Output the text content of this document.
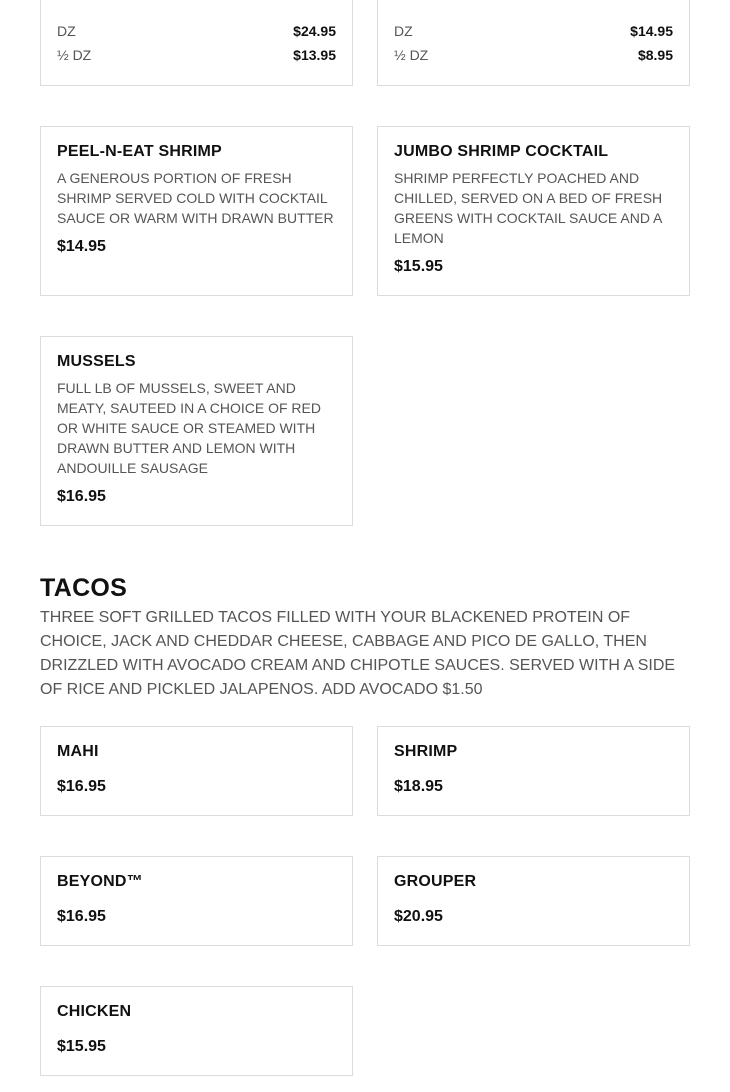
DZ	$24.95
½ DZ	$13.95
DZ	$14.95
½ DZ	$8.95
PEEL-N-EAT SHRIMP
A GENEROUS PORTION OF FRESH SHRIMP SERVED COLD WITH COCKTAIL SAUCE OR WARM WITH DRAWN BUTTER
$14.95
JUMBO SHRIMP COCKTAIL
SHRIMP PERFECTLY POACHED AND CHILLED, SERVED ON A BED OF FRESH GREENS WITH COCKTAIL SAUCE AND A LEMON
$15.95
MUSSELS
FULL LB OF MUSSELS, SWEET AND MEATY, SAUTEED IN A CHOICE OF RED OR WHITE SAUCE OR STEAMED WITH DRAWN BUTTER AND LEMON WITH ANDOUILLE SAUSAGE
$16.95
TACOS
THREE SOFT GRILLED TACOS FILLED WITH YOUR BLACKENED PROTEIN OF CHOICE, JACK AND CHEDDAR CHEESE, CABBAGE AND PICO DE GALLO, THEN DRIZZLED WITH AVOCADO CREAM AND CHIPOTLE SAUCES. SERVED WITH A SIDE OF RICE AND PICKLED JALAPENOS. ADD AVOCADO $1.50
MAHI
$16.95
SHRIMP
$18.95
BEYOND™
$16.95
GROUPER
$20.95
CHICKEN
$15.95
